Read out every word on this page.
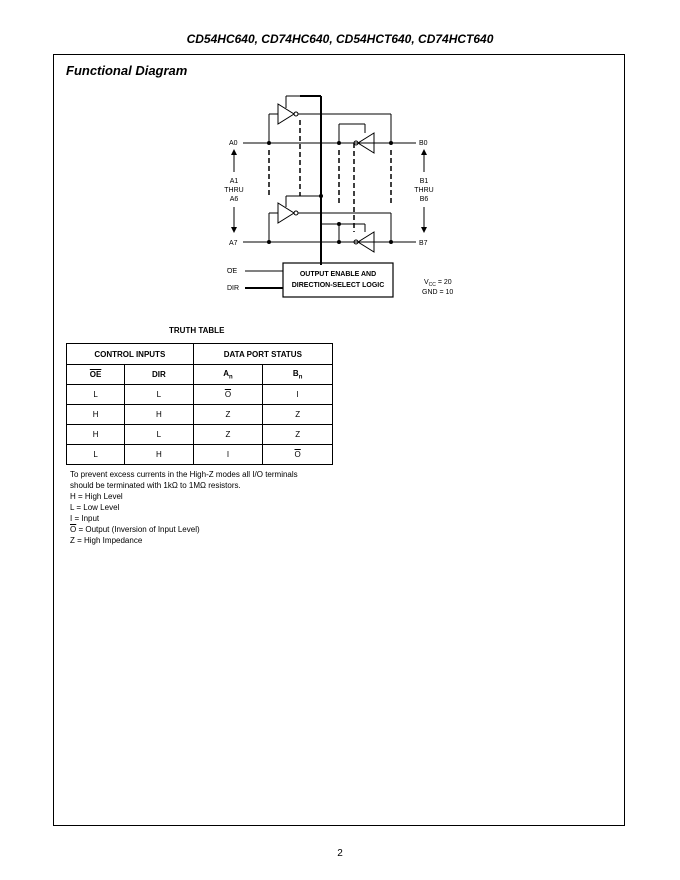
CD54HC640, CD74HC640, CD54HCT640, CD74HCT640
Functional Diagram
A0
A1
THRU
A6
A7
B0
B1
THRU
B6
B7
OE
DIR
OUTPUT ENABLE AND
DIRECTION-SELECT LOGIC	$V_{CC} = 20$
GND = 10
TRUTH TABLE
CONTROL INPUTS		DATA PORT STATUS	
$\overline{OE}$	DIR	$A_n$	$B_n$
L	L	$\overline{O}$	I
H	H	Z	Z
H	L	Z	Z
L	H	I	$\overline{O}$
To prevent excess currents in the High-Z modes all I/O terminals
should be terminated with 1kΩ to 1MΩ resistors.
H = High Level
L = Low Level
I = Input
$\overline{O}$ = Output (Inversion of Input Level)
Z = High Impedance
2
